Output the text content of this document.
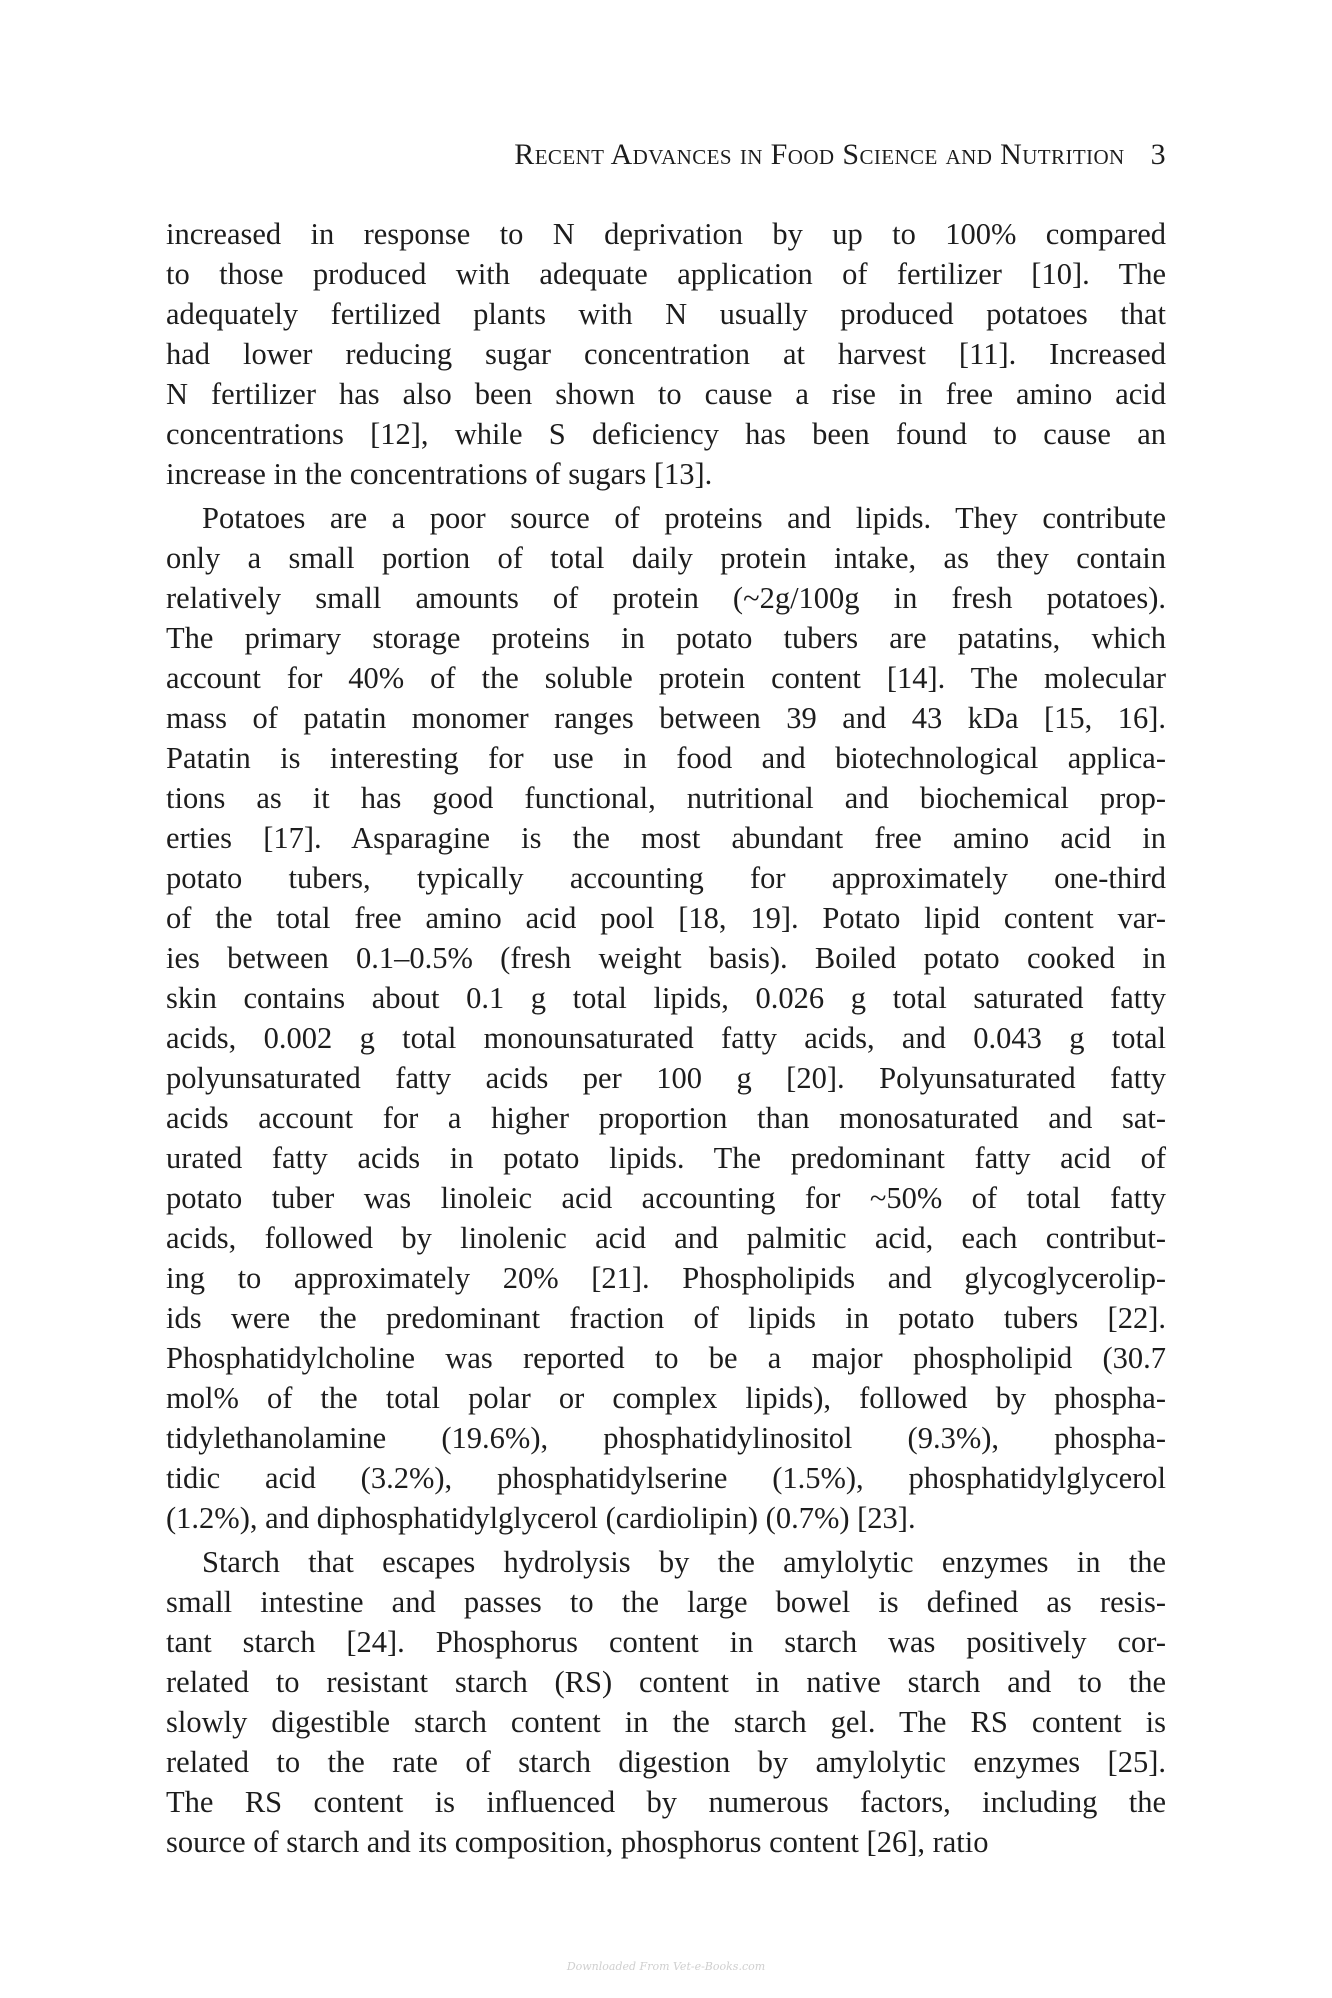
Recent Advances in Food Science and Nutrition 3
increased in response to N deprivation by up to 100% compared
to those produced with adequate application of fertilizer [10]. The
adequately fertilized plants with N usually produced potatoes that
had lower reducing sugar concentration at harvest [11]. Increased
N fertilizer has also been shown to cause a rise in free amino acid
concentrations [12], while S deficiency has been found to cause an
increase in the concentrations of sugars [13].
Potatoes are a poor source of proteins and lipids. They contribute
only a small portion of total daily protein intake, as they contain
relatively small amounts of protein (~2g/100g in fresh potatoes).
The primary storage proteins in potato tubers are patatins, which
account for 40% of the soluble protein content [14]. The molecular
mass of patatin monomer ranges between 39 and 43 kDa [15, 16].
Patatin is interesting for use in food and biotechnological applica-
tions as it has good functional, nutritional and biochemical prop-
erties [17]. Asparagine is the most abundant free amino acid in
potato tubers, typically accounting for approximately one-third
of the total free amino acid pool [18, 19]. Potato lipid content var-
ies between 0.1–0.5% (fresh weight basis). Boiled potato cooked in
skin contains about 0.1 g total lipids, 0.026 g total saturated fatty
acids, 0.002 g total monounsaturated fatty acids, and 0.043 g total
polyunsaturated fatty acids per 100 g [20]. Polyunsaturated fatty
acids account for a higher proportion than monosaturated and sat-
urated fatty acids in potato lipids. The predominant fatty acid of
potato tuber was linoleic acid accounting for ~50% of total fatty
acids, followed by linolenic acid and palmitic acid, each contribut-
ing to approximately 20% [21]. Phospholipids and glycoglycerolip-
ids were the predominant fraction of lipids in potato tubers [22].
Phosphatidylcholine was reported to be a major phospholipid (30.7
mol% of the total polar or complex lipids), followed by phospha-
tidylethanolamine (19.6%), phosphatidylinositol (9.3%), phospha-
tidic acid (3.2%), phosphatidylserine (1.5%), phosphatidylglycerol
(1.2%), and diphosphatidylglycerol (cardiolipin) (0.7%) [23].
Starch that escapes hydrolysis by the amylolytic enzymes in the
small intestine and passes to the large bowel is defined as resis-
tant starch [24]. Phosphorus content in starch was positively cor-
related to resistant starch (RS) content in native starch and to the
slowly digestible starch content in the starch gel. The RS content is
related to the rate of starch digestion by amylolytic enzymes [25].
The RS content is influenced by numerous factors, including the
source of starch and its composition, phosphorus content [26], ratio
Downloaded From Vet-e-Books.com
